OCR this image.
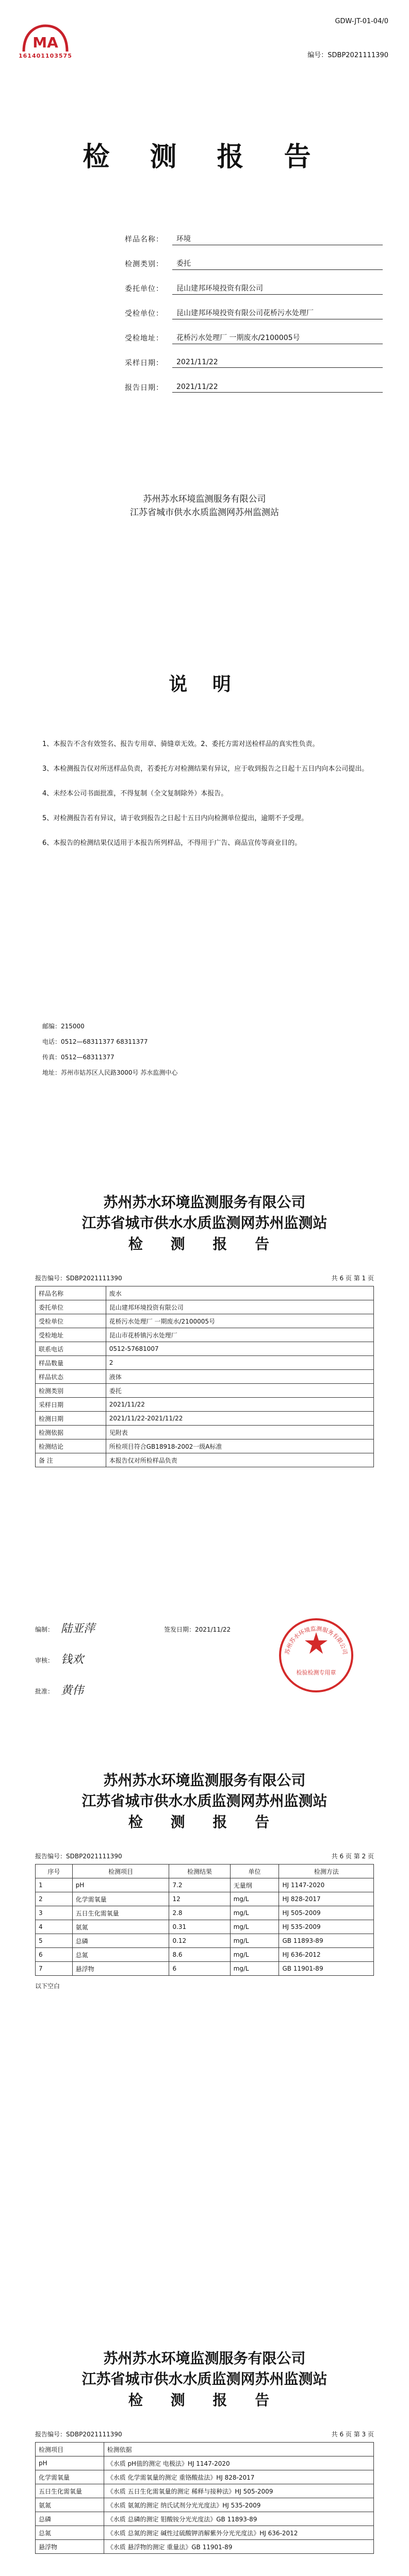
MA
161401103575
GDW-JT-01-04/0
编号：SDBP2021111390
检 测 报 告
样品名称：	环境
检测类别：	委托
委托单位：	昆山建邦环境投资有限公司
受检单位：	昆山建邦环境投资有限公司花桥污水处理厂
受检地址：	花桥污水处理厂 一期废水/2100005号
采样日期：	2021/11/22
报告日期：	2021/11/22
苏州苏水环境监测服务有限公司
江苏省城市供水水质监测网苏州监测站
说 明

1、本报告不含有效签名、报告专用章、骑缝章无效。2、委托方需对送检样品的真实性负责。

3、本检测报告仅对所送样品负责，若委托方对检测结果有异议，应于收到报告之日起十五日内向本公司提出。

4、未经本公司书面批准，不得复制（全文复制除外）本报告。

5、对检测报告若有异议，请于收到报告之日起十五日内向检测单位提出，逾期不予受理。

6、本报告的检测结果仅适用于本报告所列样品，不得用于广告、商品宣传等商业目的。

邮编：215000
电话：0512—68311377 68311377
传真：0512—68311377
地址：苏州市姑苏区人民路3000号 苏水监测中心
苏州苏水环境监测服务有限公司
江苏省城市供水水质监测网苏州监测站
检 测 报 告
报告编号：SDBP2021111390	共 6 页 第 1 页
样品名称	废水
委托单位	昆山建邦环境投资有限公司
受检单位	花桥污水处理厂 一期废水/2100005号
受检地址	昆山市花桥镇污水处理厂
联系电话	0512-57681007
样品数量	2
样品状态	液体
检测类别	委托
采样日期	2021/11/22
检测日期	2021/11/22-2021/11/22
检测依据	见附表
检测结论	所检项目符合GB18918-2002一级A标准
备 注	本报告仅对所检样品负责
编制： 陆亚萍
审核： 钱欢
批准： 黄伟
签发日期：2021/11/22
苏州苏水环境监测服务有限公司
检验检测专用章
苏州苏水环境监测服务有限公司
江苏省城市供水水质监测网苏州监测站
检 测 报 告
报告编号：SDBP2021111390	共 6 页 第 2 页
序号	检测项目	检测结果	单位	检测方法
1	pH	7.2	无量纲	HJ 1147-2020
2	化学需氧量	12	mg/L	HJ 828-2017
3	五日生化需氧量	2.8	mg/L	HJ 505-2009
4	氨氮	0.31	mg/L	HJ 535-2009
5	总磷	0.12	mg/L	GB 11893-89
6	总氮	8.6	mg/L	HJ 636-2012
7	悬浮物	6	mg/L	GB 11901-89
以下空白
苏州苏水环境监测服务有限公司
江苏省城市供水水质监测网苏州监测站
检 测 报 告
报告编号：SDBP2021111390	共 6 页 第 3 页
检测项目	检测依据
pH	《水质 pH值的测定 电极法》HJ 1147-2020
化学需氧量	《水质 化学需氧量的测定 重铬酸盐法》HJ 828-2017
五日生化需氧量	《水质 五日生化需氧量的测定 稀释与接种法》HJ 505-2009
氨氮	《水质 氨氮的测定 纳氏试剂分光光度法》HJ 535-2009
总磷	《水质 总磷的测定 钼酸铵分光光度法》GB 11893-89
总氮	《水质 总氮的测定 碱性过硫酸钾消解紫外分光光度法》HJ 636-2012
悬浮物	《水质 悬浮物的测定 重量法》GB 11901-89
